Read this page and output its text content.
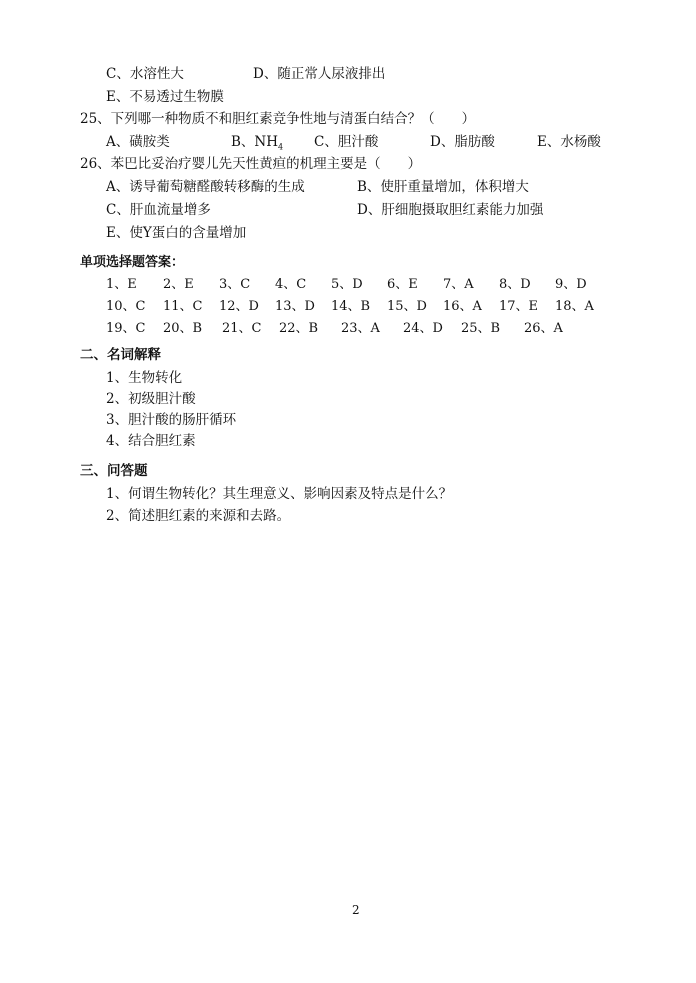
C、水溶性大	D、随正常人尿液排出
E、不易透过生物膜
25、下列哪一种物质不和胆红素竞争性地与清蛋白结合？（　　）
A、磺胺类	B、$NH_4$ C、胆汁酸	D、脂肪酸	E、水杨酸
26、苯巴比妥治疗婴儿先天性黄疸的机理主要是（　　）
A、诱导葡萄糖醛酸转移酶的生成	B、使肝重量增加，体积增大
C、肝血流量增多	D、肝细胞摄取胆红素能力加强
E、使Y蛋白的含量增加
单项选择题答案：
1、E 2、E 3、C 4、C 5、D 6、E 7、A 8、D 9、D
10、C 11、C 12、D 13、D 14、B 15、D 16、A 17、E 18、A
19、C 20、B 21、C 22、B 23、A 24、D 25、B 26、A
二、名词解释
1、生物转化
2、初级胆汁酸
3、胆汁酸的肠肝循环
4、结合胆红素
三、问答题
1、何谓生物转化？其生理意义、影响因素及特点是什么？
2、简述胆红素的来源和去路。
2
